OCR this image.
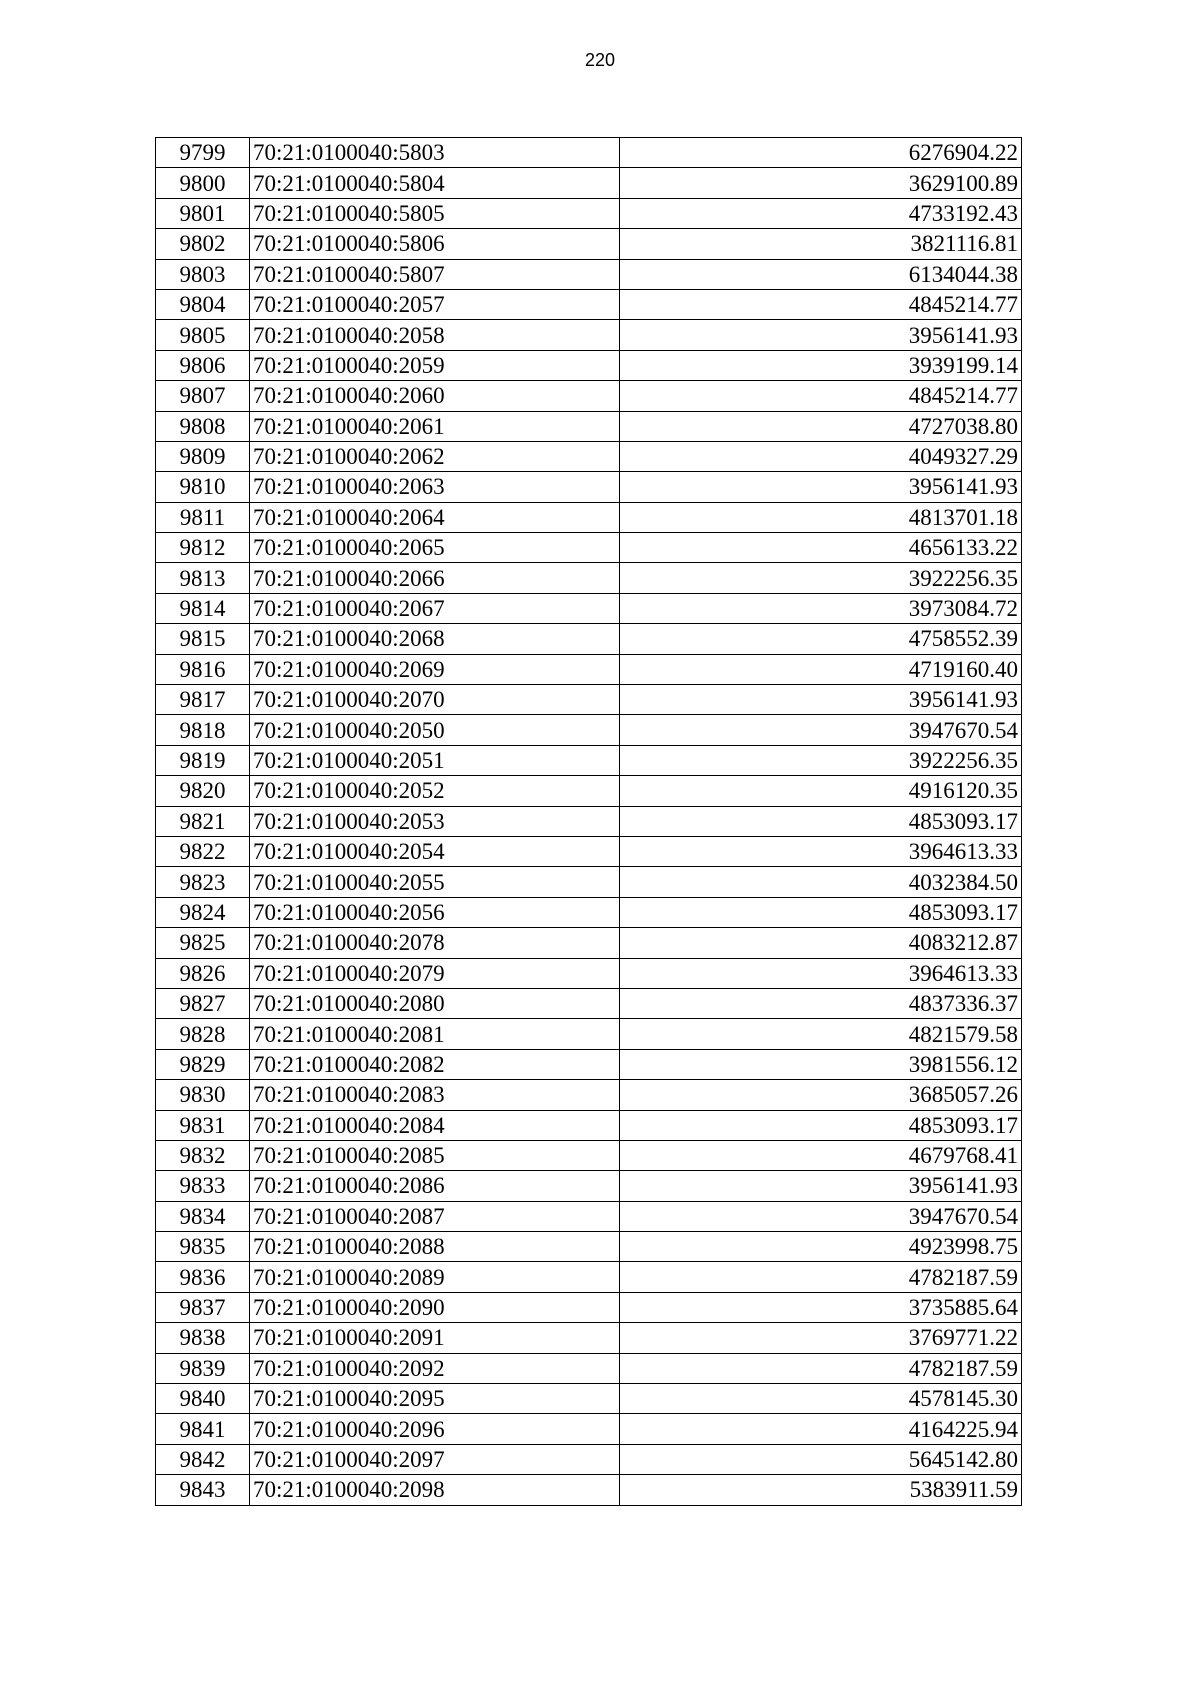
220
9799	70:21:0100040:5803	6276904.22
9800	70:21:0100040:5804	3629100.89
9801	70:21:0100040:5805	4733192.43
9802	70:21:0100040:5806	3821116.81
9803	70:21:0100040:5807	6134044.38
9804	70:21:0100040:2057	4845214.77
9805	70:21:0100040:2058	3956141.93
9806	70:21:0100040:2059	3939199.14
9807	70:21:0100040:2060	4845214.77
9808	70:21:0100040:2061	4727038.80
9809	70:21:0100040:2062	4049327.29
9810	70:21:0100040:2063	3956141.93
9811	70:21:0100040:2064	4813701.18
9812	70:21:0100040:2065	4656133.22
9813	70:21:0100040:2066	3922256.35
9814	70:21:0100040:2067	3973084.72
9815	70:21:0100040:2068	4758552.39
9816	70:21:0100040:2069	4719160.40
9817	70:21:0100040:2070	3956141.93
9818	70:21:0100040:2050	3947670.54
9819	70:21:0100040:2051	3922256.35
9820	70:21:0100040:2052	4916120.35
9821	70:21:0100040:2053	4853093.17
9822	70:21:0100040:2054	3964613.33
9823	70:21:0100040:2055	4032384.50
9824	70:21:0100040:2056	4853093.17
9825	70:21:0100040:2078	4083212.87
9826	70:21:0100040:2079	3964613.33
9827	70:21:0100040:2080	4837336.37
9828	70:21:0100040:2081	4821579.58
9829	70:21:0100040:2082	3981556.12
9830	70:21:0100040:2083	3685057.26
9831	70:21:0100040:2084	4853093.17
9832	70:21:0100040:2085	4679768.41
9833	70:21:0100040:2086	3956141.93
9834	70:21:0100040:2087	3947670.54
9835	70:21:0100040:2088	4923998.75
9836	70:21:0100040:2089	4782187.59
9837	70:21:0100040:2090	3735885.64
9838	70:21:0100040:2091	3769771.22
9839	70:21:0100040:2092	4782187.59
9840	70:21:0100040:2095	4578145.30
9841	70:21:0100040:2096	4164225.94
9842	70:21:0100040:2097	5645142.80
9843	70:21:0100040:2098	5383911.59
